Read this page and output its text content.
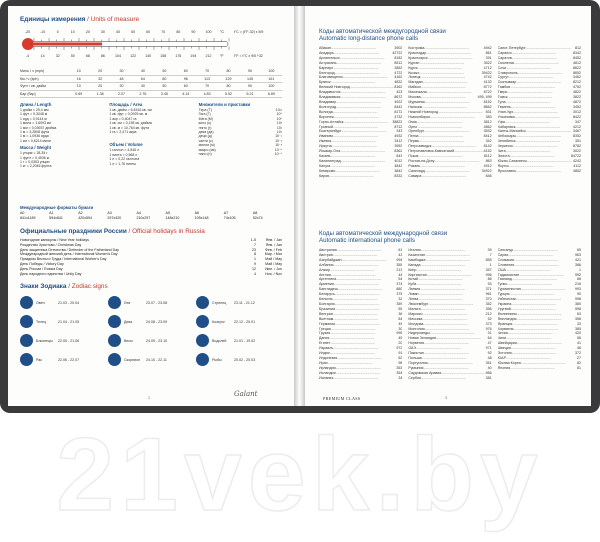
Единицы измерения / Units of measure
-20	-10	0	10	20	30	40	50	60	70	80	90	100	°C	t°C = (t°F-32) x 5/9
-4	14	32	50	68	86	104	122	140	158	176	194	212	°F	t°F = t°C x 9/5 +32
Миль / ч (mph)	10	20	30	40	50	60	70	80	90	100
Км / ч (kph)	16	32	48	64	80	96	113	129	145	161
Фунт / кв. дюйм	10	20	30	40	50	60	70	80	90	100
Бар (бар)	0.69	1.38	2.07	2.76	3.45	4.14	4.83	5.52	6.21	6.89
Длина / Length
1 дюйм = 25,4 мм
1 фут = 0,3048 м
1 ярд = 0,9144 м
1 миля = 1,6093 км
1 мм = 0,03937 дюйма
1 м = 3,2808 фута
1 м = 1,0936 ярда
1 км = 0,6214 мили
Масса / Weight
1 унция = 28,35 г
1 фунт = 0,4536 кг
1 г = 0,0353 унции
1 кг = 2,2046 фунта
Площадь / Area
1 кв. дюйм = 6,4516 кв. см
1 кв. фут = 0,0929 кв. м
1 акр = 0,4047 га
1 кв. см = 0,155 кв. дюйма
1 кв. м = 10,764 кв. фута
1 га = 2,471 акра
Объем / Volume
1 галлон = 4,546 л
1 пинта = 0,568 л
1 л = 0,22 галлона
1 л = 1,76 пинты
Множители и приставки
Тера (Т)	10¹²
Гига (Г)	10⁹
Мега (М)	10⁶
кило (к)	10³
гекто (г)	10²
дека (да)	10¹
деци (д)	10⁻¹
санти (с)	10⁻²
милли (м)	10⁻³
микро (мк)	10⁻⁶
нано (н)	10⁻⁹
Международные форматы бумаги
A0	A1	A2	A3	A4	A5	A6	A7	A8
841x1189	594x841	420x594	297x420	210x297	148x210	105x148	74x105	52x74
Официальные праздники России / Official holidays in Russia
Новогодние каникулы / New Year holidays	1-5	Янв. / Jan
Рождество Христово / Christmas Day	7	Янв. / Jan
День защитника Отечества / Defender of the Fatherland Day	23	Фев. / Feb
Международный женский день / International Women's Day	8	Мар. / Mar
Праздник Весны и Труда / International Worker's Day	1	Май / May
День Победы / Victory Day	9	Май / May
День России / Russia Day	12	Июн. / Jun
День народного единства / Unity Day	4	Ноя. / Nov
Знаки Зодиака / Zodiac signs
Овен	21.03 - 20.04	Лев	23.07 - 23.08	Стрелец	23.11 - 21.12
Телец	21.04 - 21.05	Дева	24.08 - 23.09	Козерог	22.12 - 20.01
Близнецы	22.05 - 21.06	Весы	24.09 - 23.10	Водолей	21.01 - 19.02
Рак	22.06 - 22.07	Скорпион	24.10 - 22.11	Рыбы	20.02 - 20.03
Galant
2
Коды автоматической междугородной связи
Automatic long-distance phone calls
Абакан .....	3902
Анадырь .....	42722
Архангельск .....	8182
Астрахань .....	8512
Барнаул .....	3852
Белгород .....	4722
Благовещенск .....	4162
Брянск .....	4832
Великий Новгород .....	8162
Владивосток .....	423
Владикавказ .....	8672
Владимир .....	4922
Волгоград .....	8442
Вологда .....	8172
Воронеж .....	4732
Горно-Алтайск .....	38822
Грозный .....	8712
Екатеринбург .....	343
Иваново .....	4932
Ижевск .....	3412
Иркутск .....	3952
Йошкар-Ола .....	8362
Казань .....	843
Калининград .....	4012
Калуга .....	4842
Кемерово .....	3842
Киров .....	8332
Кострома .....	4942
Краснодар .....	861
Красноярск .....	391
Курган .....	3522
Курск .....	4712
Кызыл .....	39422
Липецк .....	4742
Магадан .....	4132
Майкоп .....	8772
Махачкала .....	8722
Москва .....	495, 499
Мурманск .....	8152
Нальчик .....	8662
Нижний Новгород .....	831
Новосибирск .....	383
Омск .....	3812
Орел .....	4862
Оренбург .....	3532
Пенза .....	8412
Пермь .....	342
Петрозаводск .....	8142
Петропавловск-Камчатский .....	4152
Псков .....	8112
Ростов-на-Дону .....	863
Рязань .....	4912
Салехард .....	34922
Самара .....	846
Санкт-Петербург .....	812
Саранск .....	8342
Саратов .....	8452
Смоленск .....	4812
Сочи .....	8622
Ставрополь .....	8652
Сургут .....	3462
Сыктывкар .....	8212
Тамбов .....	4752
Тверь .....	4822
Томск .....	3822
Тула .....	4872
Тюмень .....	3452
Улан-Удэ .....	3012
Ульяновск .....	8422
Уфа .....	347
Хабаровск .....	4212
Ханты-Мансийск .....	3467
Чебоксары .....	8352
Челябинск .....	351
Черкесск .....	8782
Чита .....	3022
Элиста .....	84722
Южно-Сахалинск .....	4242
Якутск .....	4112
Ярославль .....	4852
Коды автоматической международной связи
Automatic international phone calls
Австралия .....	61
Австрия .....	43
Азербайджан .....	994
Албания .....	355
Алжир .....	213
Англия .....	44
Аргентина .....	54
Армения .....	374
Бангладеш .....	880
Беларусь .....	375
Бельгия .....	32
Болгария .....	359
Бразилия .....	55
Венгрия .....	36
Вьетнам .....	84
Германия .....	49
Греция .....	30
Грузия .....	995
Дания .....	45
Египет .....	20
Израиль .....	972
Индия .....	91
Индонезия .....	62
Иран .....	98
Ирландия .....	353
Исландия .....	354
Испания .....	34
Италия .....	39
Казахстан .....	7
Камбоджа .....	855
Канада .....	1
Кипр .....	357
Киргизстан .....	996
Китай .....	86
Куба .....	53
Латвия .....	371
Ливан .....	961
Литва .....	370
Люксембург .....	352
Мальта .....	356
Марокко .....	212
Мексика .....	52
Молдова .....	373
Монголия .....	976
Нидерланды .....	31
Новая Зеландия .....	64
Норвегия .....	47
ОАЭ .....	971
Пакистан .....	92
Польша .....	48
Португалия .....	351
Румыния .....	40
Саудовская Аравия .....	966
Сербия .....	381
Сингапур .....	65
Сирия .....	963
Словакия .....	421
Словения .....	386
США .....	1
Таджикистан .....	992
Таиланд .....	66
Тунис .....	216
Туркменистан .....	993
Турция .....	90
Узбекистан .....	998
Украина .....	380
Уругвай .....	598
Филиппины .....	63
Финляндия .....	358
Франция .....	33
Хорватия .....	385
Чехия .....	420
Чили .....	56
Швейцария .....	41
Швеция .....	46
Эстония .....	372
ЮАР .....	27
Южная Корея .....	82
Япония .....	81
PREMIUM CLASS	3
21vek.by
